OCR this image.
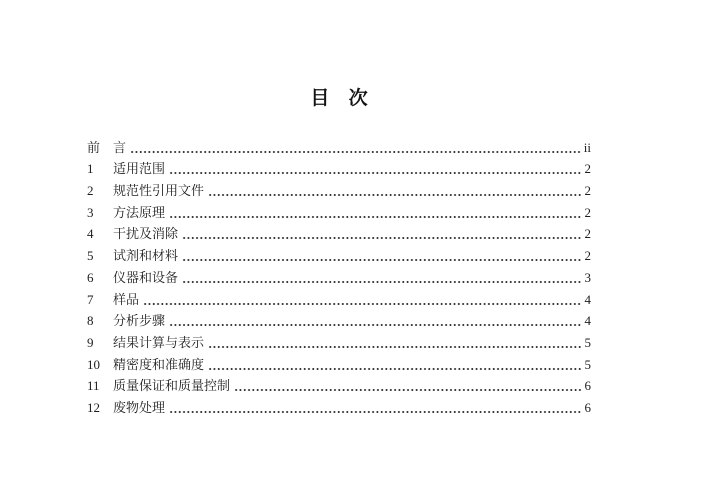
目 次
前 言	ii
1	适用范围	2
2	规范性引用文件	2
3	方法原理	2
4	干扰及消除	2
5	试剂和材料	2
6	仪器和设备	3
7	样品	4
8	分析步骤	4
9	结果计算与表示	5
10	精密度和准确度	5
11	质量保证和质量控制	6
12	废物处理	6
